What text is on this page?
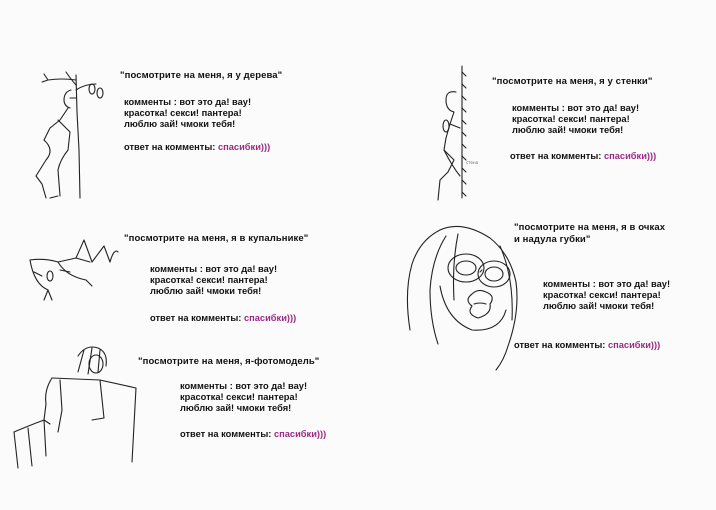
"посмотрите на меня, я у дерева"
комменты : вот это да! вау!
красотка! секси! пантера!
люблю зай! чмоки тебя!
ответ на комменты: спасибки)))
стена
"посмотрите на меня, я у стенки"
комменты : вот это да! вау!
красотка! секси! пантера!
люблю зай! чмоки тебя!
ответ на комменты: спасибки)))
"посмотрите на меня, я в купальнике"
комменты : вот это да! вау!
красотка! секси! пантера!
люблю зай! чмоки тебя!
ответ на комменты: спасибки)))
"посмотрите на меня, я в очках
и надула губки"
комменты : вот это да! вау!
красотка! секси! пантера!
люблю зай! чмоки тебя!
ответ на комменты: спасибки)))
"посмотрите на меня, я-фотомодель"
комменты : вот это да! вау!
красотка! секси! пантера!
люблю зай! чмоки тебя!
ответ на комменты: спасибки)))
